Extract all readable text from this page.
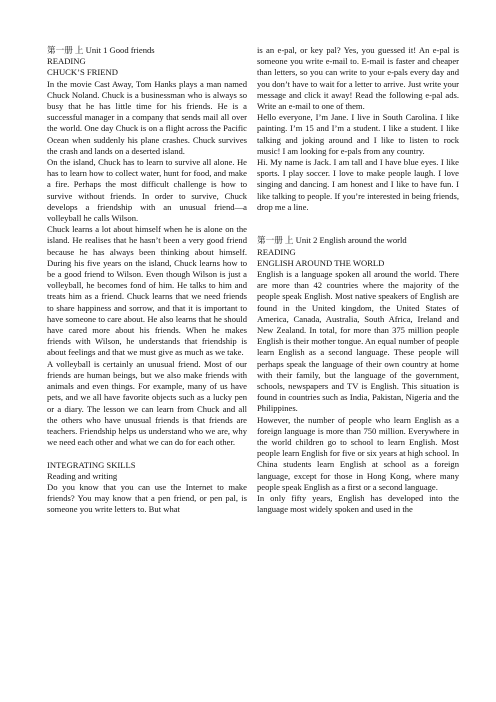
第一册 上 Unit 1 Good friends
READING
CHUCK’S FRIEND
In the movie Cast Away, Tom Hanks plays a man named Chuck Noland. Chuck is a businessman who is always so busy that he has little time for his friends. He is a successful manager in a company that sends mail all over the world. One day Chuck is on a flight across the Pacific Ocean when suddenly his plane crashes. Chuck survives the crash and lands on a deserted island.
On the island, Chuck has to learn to survive all alone. He has to learn how to collect water, hunt for food, and make a fire. Perhaps the most difficult challenge is how to survive without friends. In order to survive, Chuck develops a friendship with an unusual friend—a volleyball he calls Wilson.
Chuck learns a lot about himself when he is alone on the island. He realises that he hasn’t been a very good friend because he has always been thinking about himself. During his five years on the island, Chuck learns how to be a good friend to Wilson. Even though Wilson is just a volleyball, he becomes fond of him. He talks to him and treats him as a friend. Chuck learns that we need friends to share happiness and sorrow, and that it is important to have someone to care about. He also learns that he should have cared more about his friends. When he makes friends with Wilson, he understands that friendship is about feelings and that we must give as much as we take.
A volleyball is certainly an unusual friend. Most of our friends are human beings, but we also make friends with animals and even things. For example, many of us have pets, and we all have favorite objects such as a lucky pen or a diary. The lesson we can learn from Chuck and all the others who have unusual friends is that friends are teachers. Friendship helps us understand who we are, why we need each other and what we can do for each other.
INTEGRATING SKILLS
Reading and writing
Do you know that you can use the Internet to make friends? You may know that a pen friend, or pen pal, is someone you write letters to. But what
is an e-pal, or key pal? Yes, you guessed it! An e-pal is someone you write e-mail to. E-mail is faster and cheaper than letters, so you can write to your e-pals every day and you don’t have to wait for a letter to arrive. Just write your message and click it away! Read the following e-pal ads. Write an e-mail to one of them.
Hello everyone, I’m Jane. I live in South Carolina. I like painting. I’m 15 and I’m a student. I like a student. I like talking and joking around and I like to listen to rock music! I am looking for e-pals from any country.
Hi. My name is Jack. I am tall and I have blue eyes. I like sports. I play soccer. I love to make people laugh. I love singing and dancing. I am honest and I like to have fun. I like talking to people. If you’re interested in being friends, drop me a line.
第一册 上 Unit 2 English around the world
READING
ENGLISH AROUND THE WORLD
English is a language spoken all around the world. There are more than 42 countries where the majority of the people speak English. Most native speakers of English are found in the United kingdom, the United States of America, Canada, Australia, South Africa, Ireland and New Zealand. In total, for more than 375 million people English is their mother tongue. An equal number of people learn English as a second language. These people will perhaps speak the language of their own country at home with their family, but the language of the government, schools, newspapers and TV is English. This situation is found in countries such as India, Pakistan, Nigeria and the Philippines.
However, the number of people who learn English as a foreign language is more than 750 million. Everywhere in the world children go to school to learn English. Most people learn English for five or six years at high school. In China students learn English at school as a foreign language, except for those in Hong Kong, where many people speak English as a first or a second language.
In only fifty years, English has developed into the language most widely spoken and used in the
